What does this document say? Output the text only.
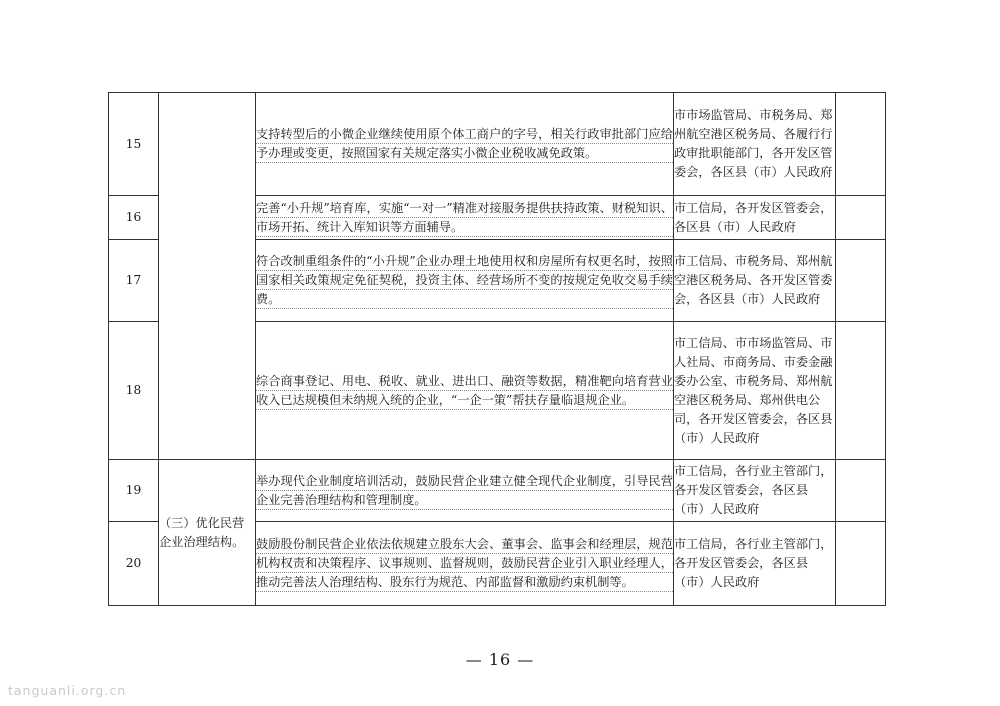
15		支持转型后的小微企业继续使用原个体工商户的字号，相关行政审批部门应给予办理或变更，按照国家有关规定落实小微企业税收减免政策。	市市场监管局、市税务局、郑州航空港区税务局、各履行行政审批职能部门，各开发区管委会，各区县（市）人民政府	
16		完善“小升规”培育库，实施“一对一”精准对接服务提供扶持政策、财税知识、市场开拓、统计入库知识等方面辅导。	市工信局，各开发区管委会，各区县（市）人民政府	
17		符合改制重组条件的“小升规”企业办理土地使用权和房屋所有权更名时，按照国家相关政策规定免征契税，投资主体、经营场所不变的按规定免收交易手续费。	市工信局、市税务局、郑州航空港区税务局、各开发区管委会，各区县（市）人民政府	
18		综合商事登记、用电、税收、就业、进出口、融资等数据，精准靶向培育营业收入已达规模但未纳规入统的企业，“一企一策”帮扶存量临退规企业。	市工信局、市市场监管局、市人社局、市商务局、市委金融委办公室、市税务局、郑州航空港区税务局、郑州供电公司，各开发区管委会，各区县（市）人民政府	
19	（三）优化民营企业治理结构。	举办现代企业制度培训活动，鼓励民营企业建立健全现代企业制度，引导民营企业完善治理结构和管理制度。	市工信局，各行业主管部门，各开发区管委会，各区县（市）人民政府	
20		鼓励股份制民营企业依法依规建立股东大会、董事会、监事会和经理层，规范机构权责和决策程序、议事规则、监督规则，鼓励民营企业引入职业经理人，推动完善法人治理结构、股东行为规范、内部监督和激励约束机制等。	市工信局，各行业主管部门，各开发区管委会，各区县（市）人民政府	
— 16 —
tanguanli.org.cn
